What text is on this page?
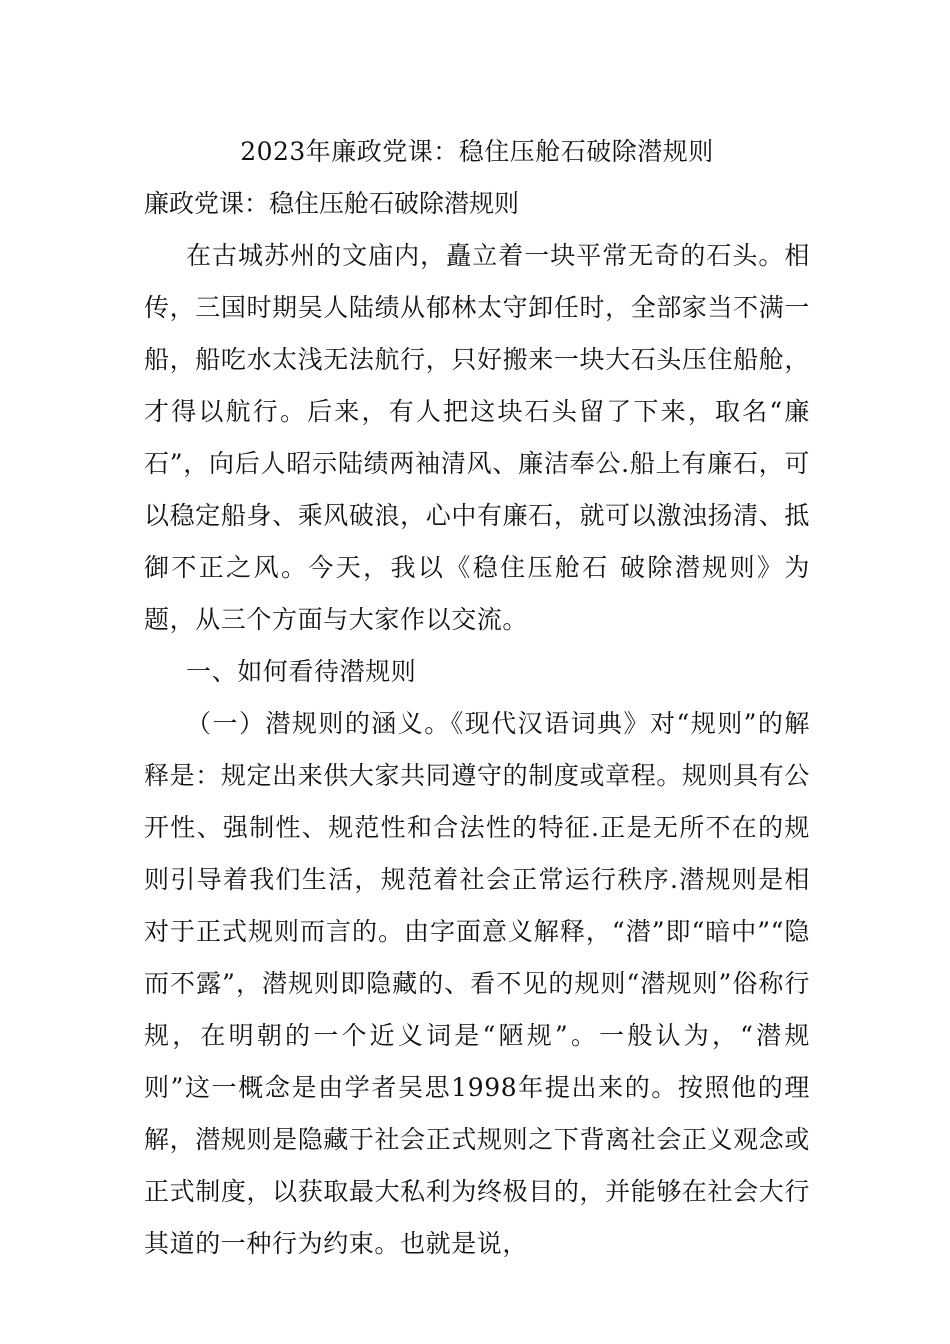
2023年廉政党课：稳住压舱石破除潜规则
廉政党课：稳住压舱石破除潜规则

在古城苏州的文庙内，矗立着一块平常无奇的石头。相传，三国时期吴人陆绩从郁林太守卸任时，全部家当不满一船，船吃水太浅无法航行，只好搬来一块大石头压住船舱，才得以航行。后来，有人把这块石头留了下来，取名“廉石”，向后人昭示陆绩两袖清风、廉洁奉公.船上有廉石，可以稳定船身、乘风破浪，心中有廉石，就可以激浊扬清、抵御不正之风。今天，我以《稳住压舱石 破除潜规则》为题，从三个方面与大家作以交流。

一、如何看待潜规则

（一）潜规则的涵义。《现代汉语词典》对“规则”的解释是：规定出来供大家共同遵守的制度或章程。规则具有公开性、强制性、规范性和合法性的特征.正是无所不在的规则引导着我们生活，规范着社会正常运行秩序.潜规则是相对于正式规则而言的。由字面意义解释，“潜”即“暗中”“隐而不露”，潜规则即隐藏的、看不见的规则“潜规则”俗称行规，在明朝的一个近义词是“陋规”。一般认为，“潜规则”这一概念是由学者吴思1998年提出来的。按照他的理解，潜规则是隐藏于社会正式规则之下背离社会正义观念或正式制度，以获取最大私利为终极目的，并能够在社会大行其道的一种行为约束。也就是说，
